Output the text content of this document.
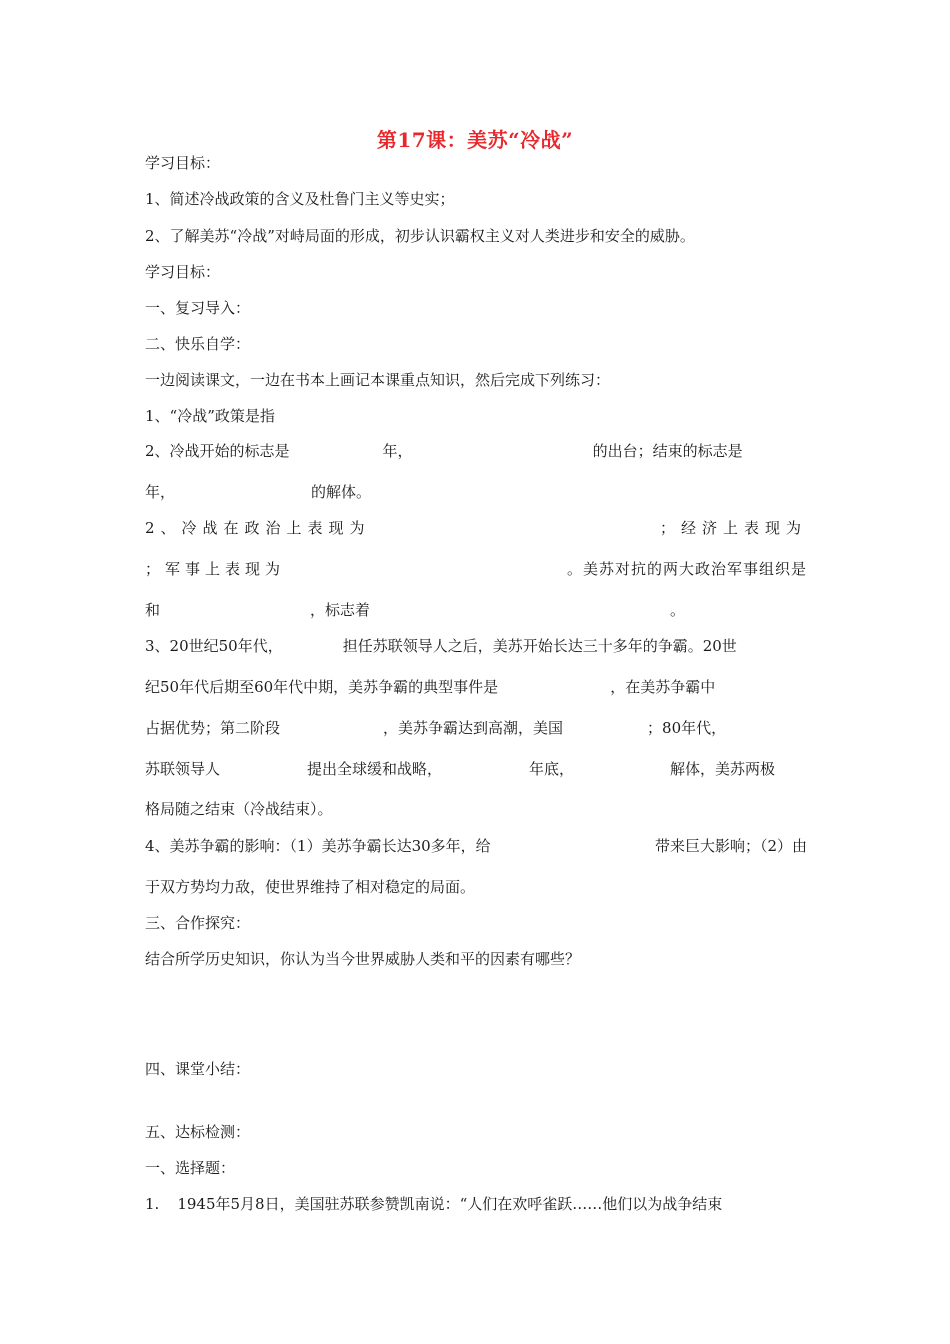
第17课：美苏“冷战”
学习目标：
1、简述冷战政策的含义及杜鲁门主义等史实；
2、了解美苏“冷战”对峙局面的形成，初步认识霸权主义对人类进步和安全的威胁。
学习目标：
一、复习导入：
二、快乐自学：
一边阅读课文，一边在书本上画记本课重点知识，然后完成下列练习：
1、“冷战”政策是指
2、冷战开始的标志是	年，	的出台；结束的标志是
年，	的解体。
2、冷战在政治上表现为	；经济上表现为
；军事上表现为	。美苏对抗的两大政治军事组织是
和	，标志着	。
3、20世纪50年代，	担任苏联领导人之后，美苏开始长达三十多年的争霸。20世
纪50年代后期至60年代中期，美苏争霸的典型事件是	，在美苏争霸中
占据优势；第二阶段	，美苏争霸达到高潮，美国	；80年代，
苏联领导人	提出全球缓和战略，	年底，	解体，美苏两极
格局随之结束（冷战结束）。
4、美苏争霸的影响：（1）美苏争霸长达30多年，给	带来巨大影响；（2）由
于双方势均力敌，使世界维持了相对稳定的局面。
三、合作探究：
结合所学历史知识，你认为当今世界威胁人类和平的因素有哪些？
四、课堂小结：
五、达标检测：
一、选择题：
1. 1945年5月8日，美国驻苏联参赞凯南说：“人们在欢呼雀跃……他们以为战争结束
